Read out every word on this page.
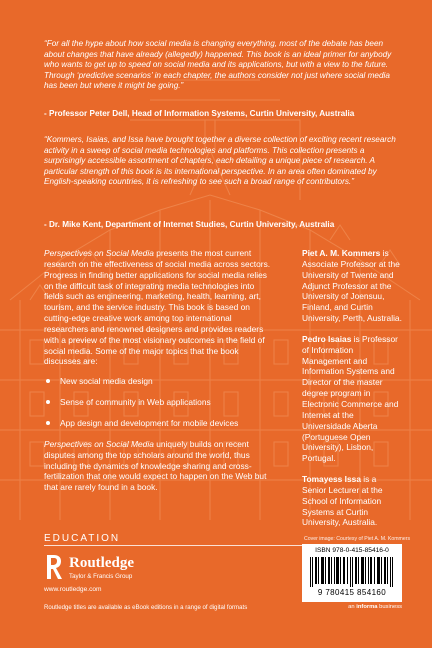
“For all the hype about how social media is changing everything, most of the debate has been about changes that have already (allegedly) happened. This book is an ideal primer for anybody who wants to get up to speed on social media and its applications, but with a view to the future. Through ‘predictive scenarios’ in each chapter, the authors consider not just where social media has been but where it might be going.”

- Professor Peter Dell, Head of Information Systems, Curtin University, Australia

“Kommers, Isaias, and Issa have brought together a diverse collection of exciting recent research activity in a sweep of social media technologies and platforms. This collection presents a surprisingly accessible assortment of chapters, each detailing a unique piece of research. A particular strength of this book is its international perspective. In an area often dominated by English-speaking countries, it is refreshing to see such a broad range of contributors.”

- Dr. Mike Kent, Department of Internet Studies, Curtin University, Australia

Perspectives on Social Media presents the most current research on the effectiveness of social media across sectors. Progress in finding better applications for social media relies on the difficult task of integrating media technologies into fields such as engineering, marketing, health, learning, art, tourism, and the service industry. This book is based on cutting-edge creative work among top international researchers and renowned designers and provides readers with a preview of the most visionary outcomes in the field of social media. Some of the major topics that the book discusses are:

New social media design
Sense of community in Web applications
App design and development for mobile devices

Perspectives on Social Media uniquely builds on recent disputes among the top scholars around the world, thus including the dynamics of knowledge sharing and cross-fertilization that one would expect to happen on the Web but that are rarely found in a book.

Piet A. M. Kommers is Associate Professor at the University of Twente and Adjunct Professor at the University of Joensuu, Finland, and Curtin University, Perth, Australia.

Pedro Isaias is Professor of Information Management and Information Systems and Director of the master degree program in Electronic Commerce and Internet at the Universidade Aberta (Portuguese Open University), Lisbon, Portugal.

Tomayess Issa is a Senior Lecturer at the School of Information Systems at Curtin University, Australia.

EDUCATION
Routledge
Taylor & Francis Group
www.routledge.com
Routledge titles are available as eBook editions in a range of digital formats
Cover image: Courtesy of Piet A. M. Kommers
ISBN 978-0-415-85416-0
9 780415 854160
an informa business
